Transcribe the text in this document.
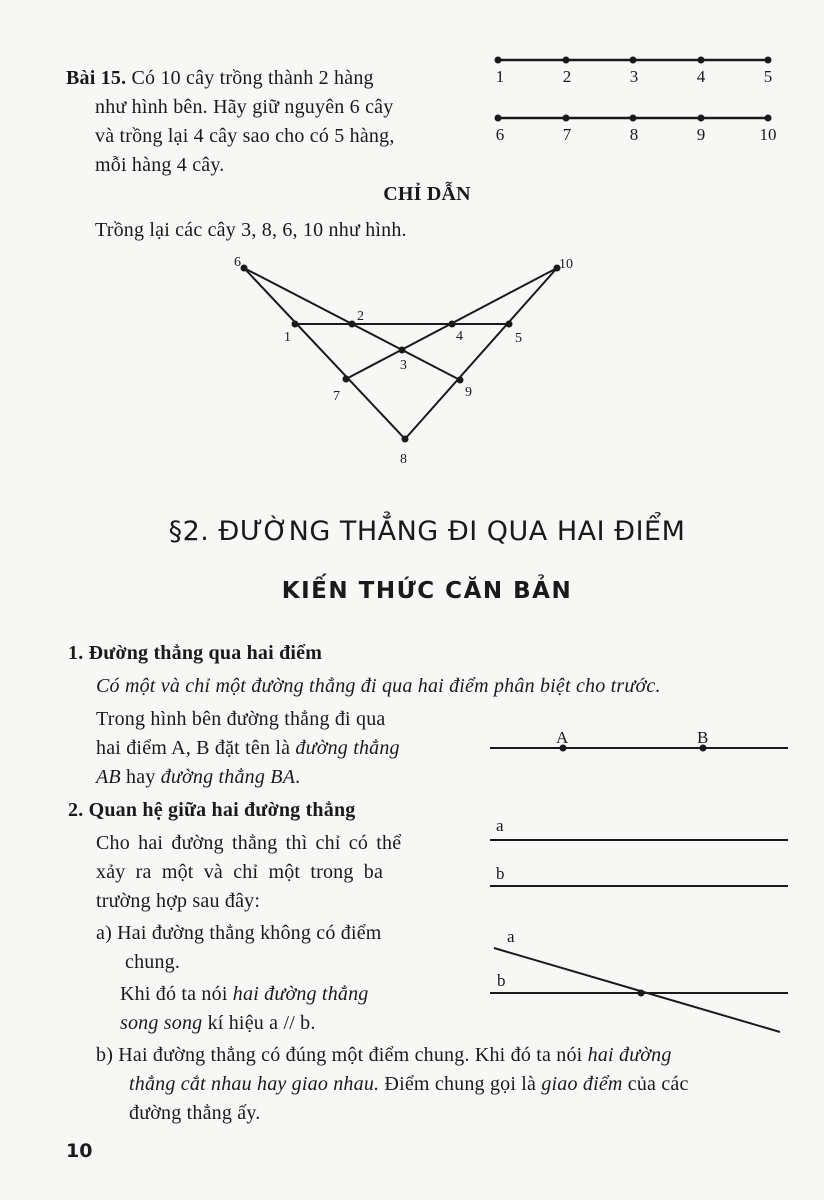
Bài 15. Có 10 cây trồng thành 2 hàng
như hình bên. Hãy giữ nguyên 6 cây
và trồng lại 4 cây sao cho có 5 hàng,
mỗi hàng 4 cây.
1	2	3	4	5
6	7	8	9	10
CHỈ DẪN
Trồng lại các cây 3, 8, 6, 10 như hình.
1
2
3
4	5
6
7
8
9
10
§2. ĐƯỜNG THẲNG ĐI QUA HAI ĐIỂM
KIẾN THỨC CĂN BẢN
1. Đường thẳng qua hai điểm
Có một và chỉ một đường thẳng đi qua hai điểm phân biệt cho trước.
Trong hình bên đường thẳng đi qua
hai điểm A, B đặt tên là đường thẳng
AB hay đường thẳng BA.
A	B
2. Quan hệ giữa hai đường thẳng
Cho hai đường thẳng thì chỉ có thể
xảy ra một và chỉ một trong ba
trường hợp sau đây:
a) Hai đường thẳng không có điểm
chung.
Khi đó ta nói hai đường thẳng
song song kí hiệu a // b.
b) Hai đường thẳng có đúng một điểm chung. Khi đó ta nói hai đường
thẳng cắt nhau hay giao nhau. Điểm chung gọi là giao điểm của các
đường thẳng ấy.
a
b
a
b
10
